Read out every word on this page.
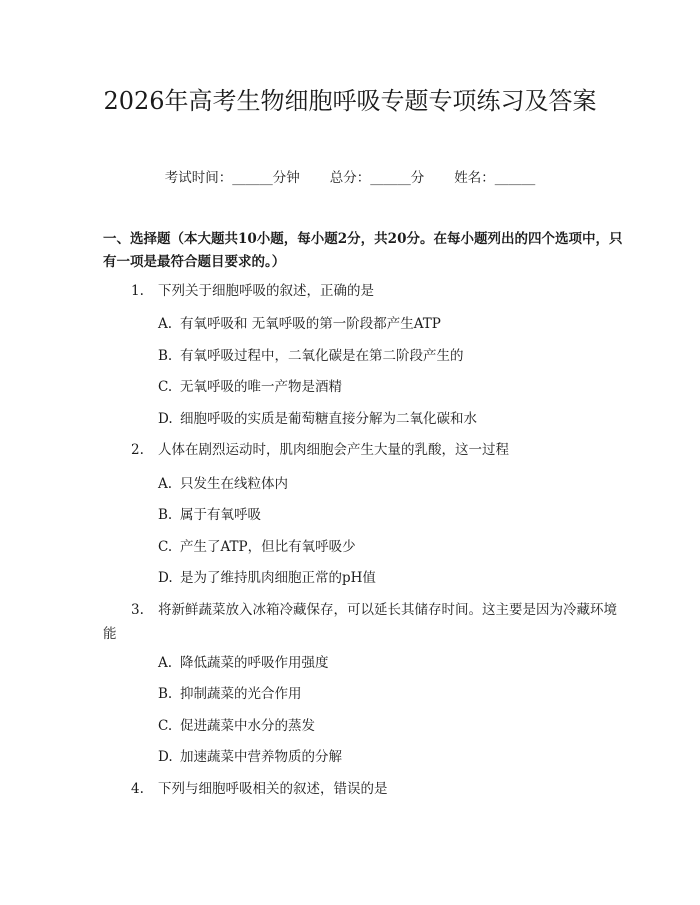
2026年高考生物细胞呼吸专题专项练习及答案
考试时间：______分钟 总分：______分 姓名：______

一、选择题（本大题共10小题，每小题2分，共20分。在每小题列出的四个选项中，只有一项是最符合题目要求的。）

1. 下列关于细胞呼吸的叙述，正确的是
A. 有氧呼吸和 无氧呼吸的第一阶段都产生ATP
B. 有氧呼吸过程中，二氧化碳是在第二阶段产生的
C. 无氧呼吸的唯一产物是酒精
D. 细胞呼吸的实质是葡萄糖直接分解为二氧化碳和水
2. 人体在剧烈运动时，肌肉细胞会产生大量的乳酸，这一过程
A. 只发生在线粒体内
B. 属于有氧呼吸
C. 产生了ATP，但比有氧呼吸少
D. 是为了维持肌肉细胞正常的pH值
3. 将新鲜蔬菜放入冰箱冷藏保存，可以延长其储存时间。这主要是因为冷藏环境能
A. 降低蔬菜的呼吸作用强度
B. 抑制蔬菜的光合作用
C. 促进蔬菜中水分的蒸发
D. 加速蔬菜中营养物质的分解
4. 下列与细胞呼吸相关的叙述，错误的是
